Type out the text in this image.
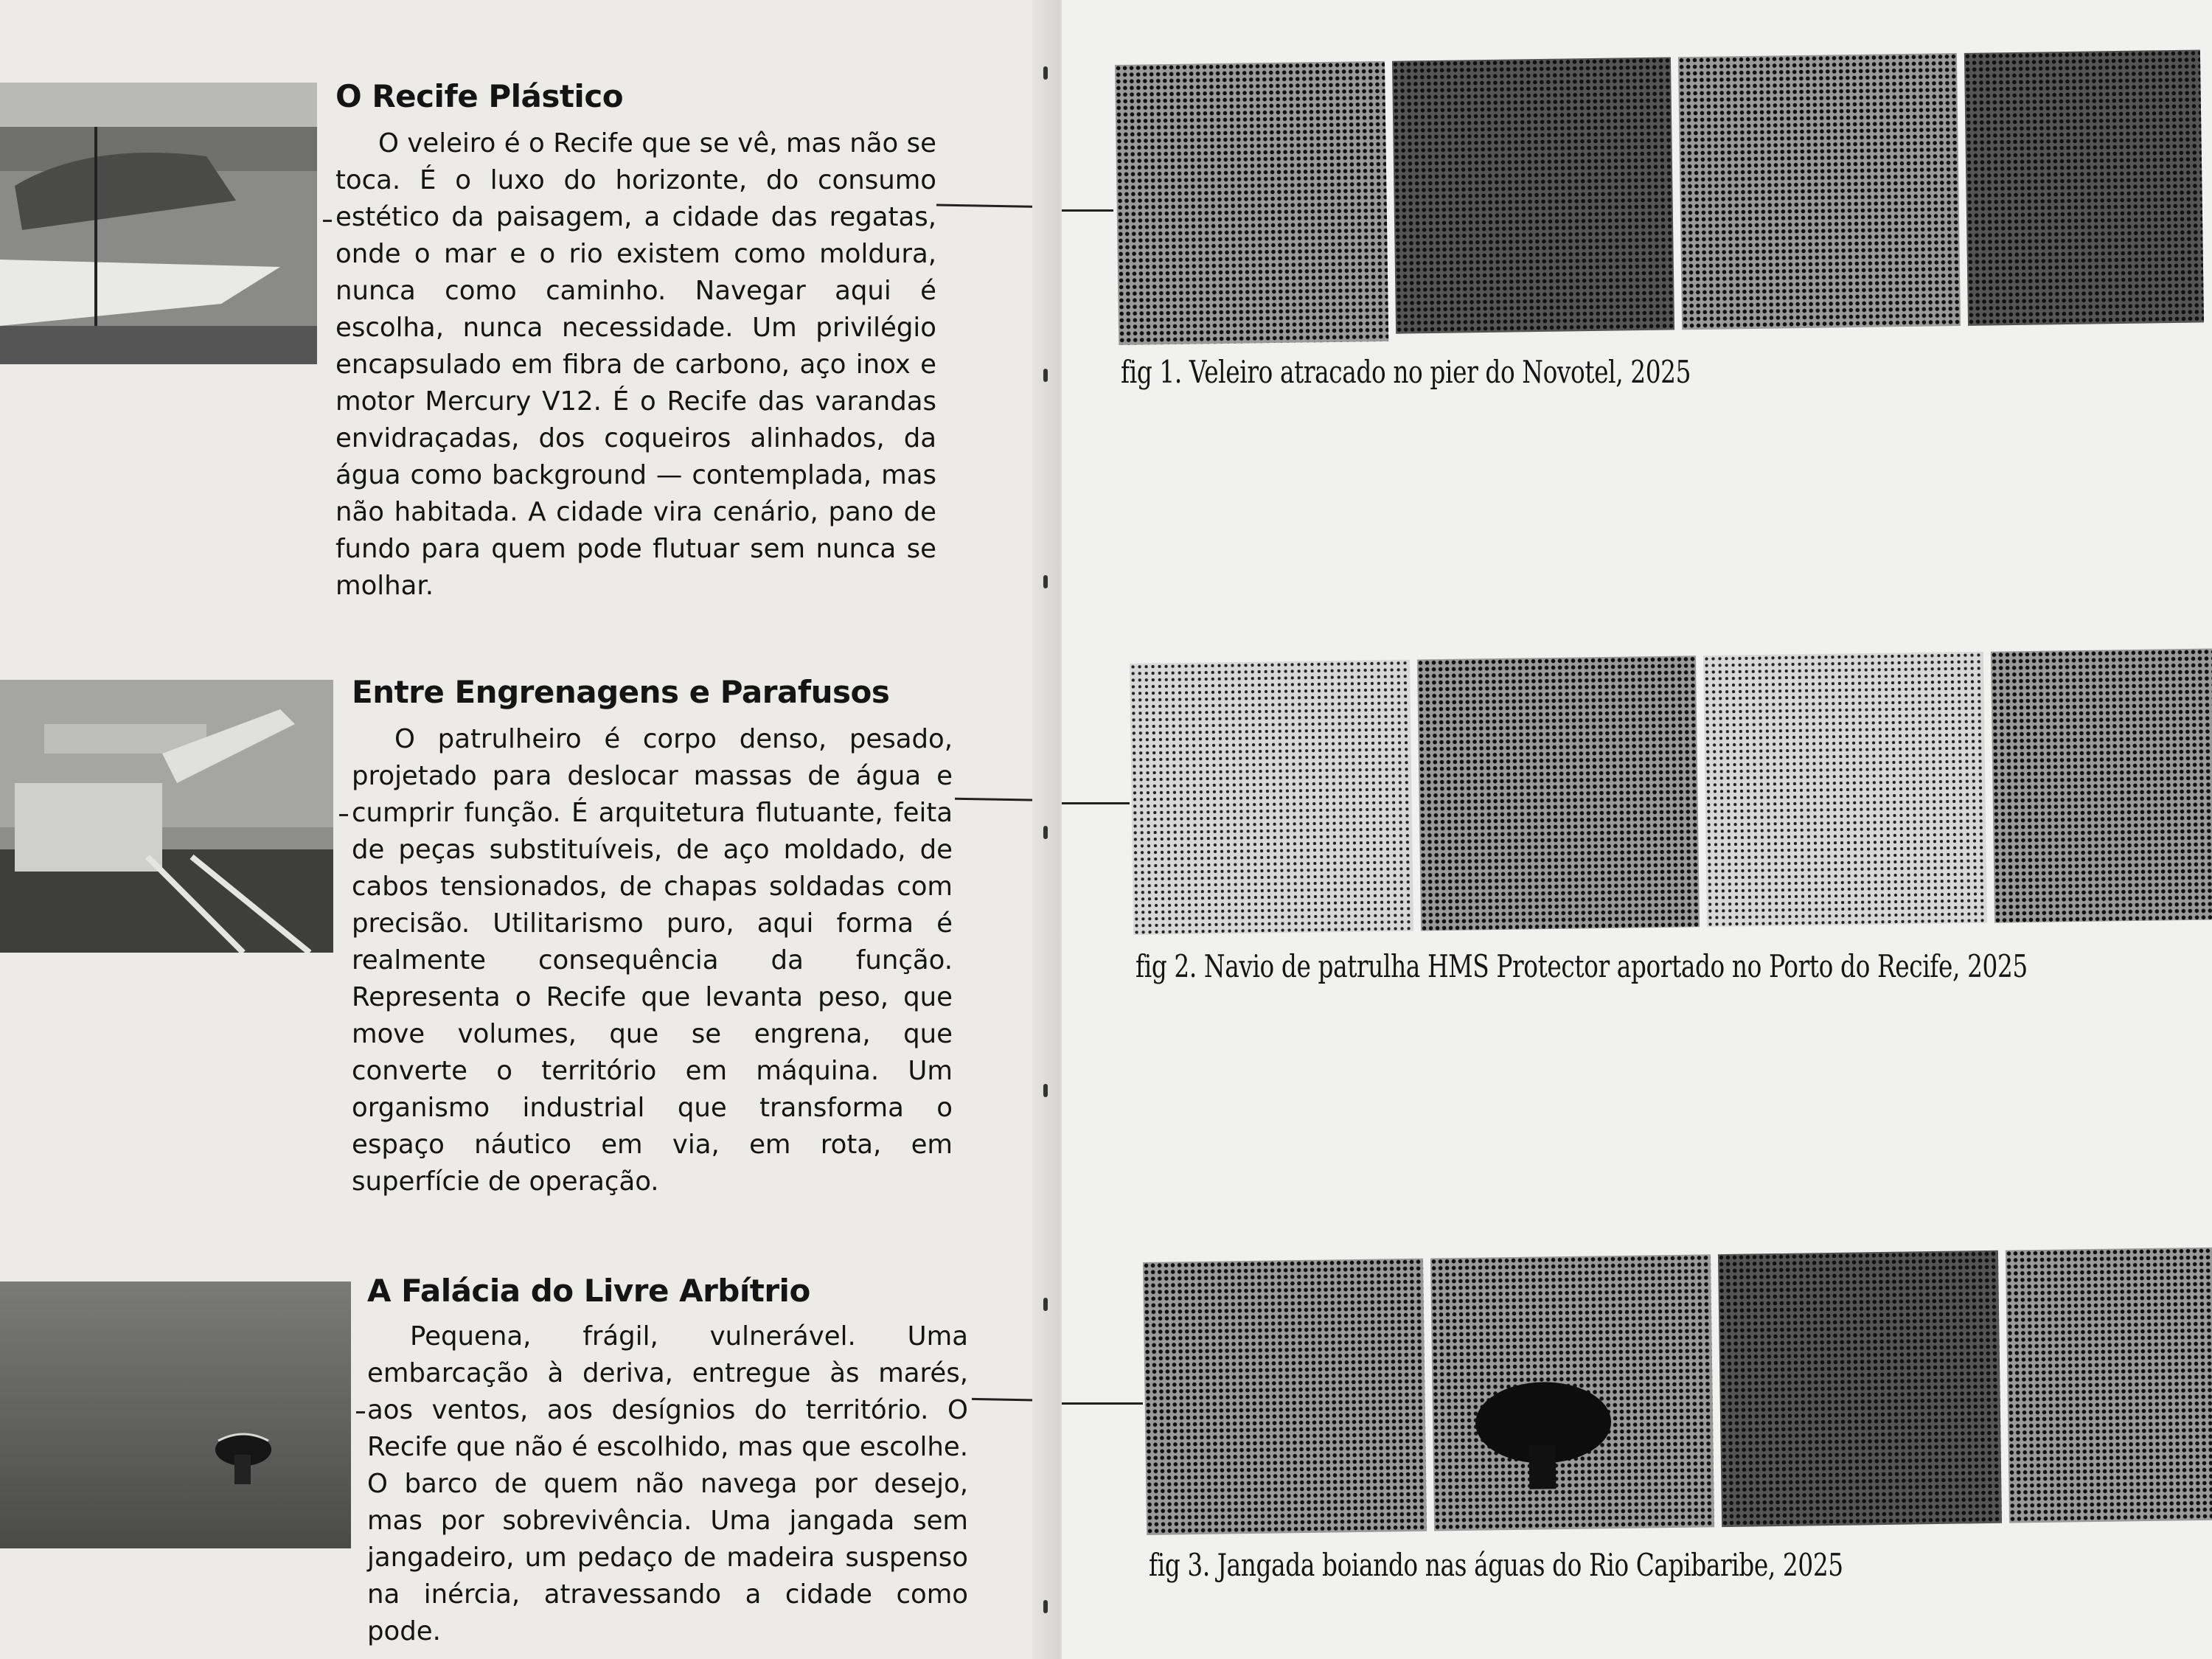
O Recife Plástico
O veleiro é o Recife que se vê, mas não se toca. É o luxo do horizonte, do consumo estético da paisagem, a cidade das regatas, onde o mar e o rio existem como moldura, nunca como caminho. Navegar aqui é escolha, nunca necessidade. Um privilégio encapsulado em fibra de carbono, aço inox e motor Mercury V12. É o Recife das varandas envidraçadas, dos coqueiros alinhados, da água como background — contemplada, mas não habitada. A cidade vira cenário, pano de fundo para quem pode flutuar sem nunca se molhar.
Entre Engrenagens e Parafusos
O patrulheiro é corpo denso, pesado, projetado para deslocar massas de água e cumprir função. É arquitetura flutuante, feita de peças substituíveis, de aço moldado, de cabos tensionados, de chapas soldadas com precisão. Utilitarismo puro, aqui forma é realmente consequência da função. Representa o Recife que levanta peso, que move volumes, que se engrena, que converte o território em máquina. Um organismo industrial que transforma o espaço náutico em via, em rota, em superfície de operação.
A Falácia do Livre Arbítrio
Pequena, frágil, vulnerável. Uma embarcação à deriva, entregue às marés, aos ventos, aos desígnios do território. O Recife que não é escolhido, mas que escolhe. O barco de quem não navega por desejo, mas por sobrevivência. Uma jangada sem jangadeiro, um pedaço de madeira suspenso na inércia, atravessando a cidade como pode.
fig 1. Veleiro atracado no pier do Novotel, 2025
fig 2. Navio de patrulha HMS Protector aportado no Porto do Recife, 2025
fig 3. Jangada boiando nas águas do Rio Capibaribe, 2025
